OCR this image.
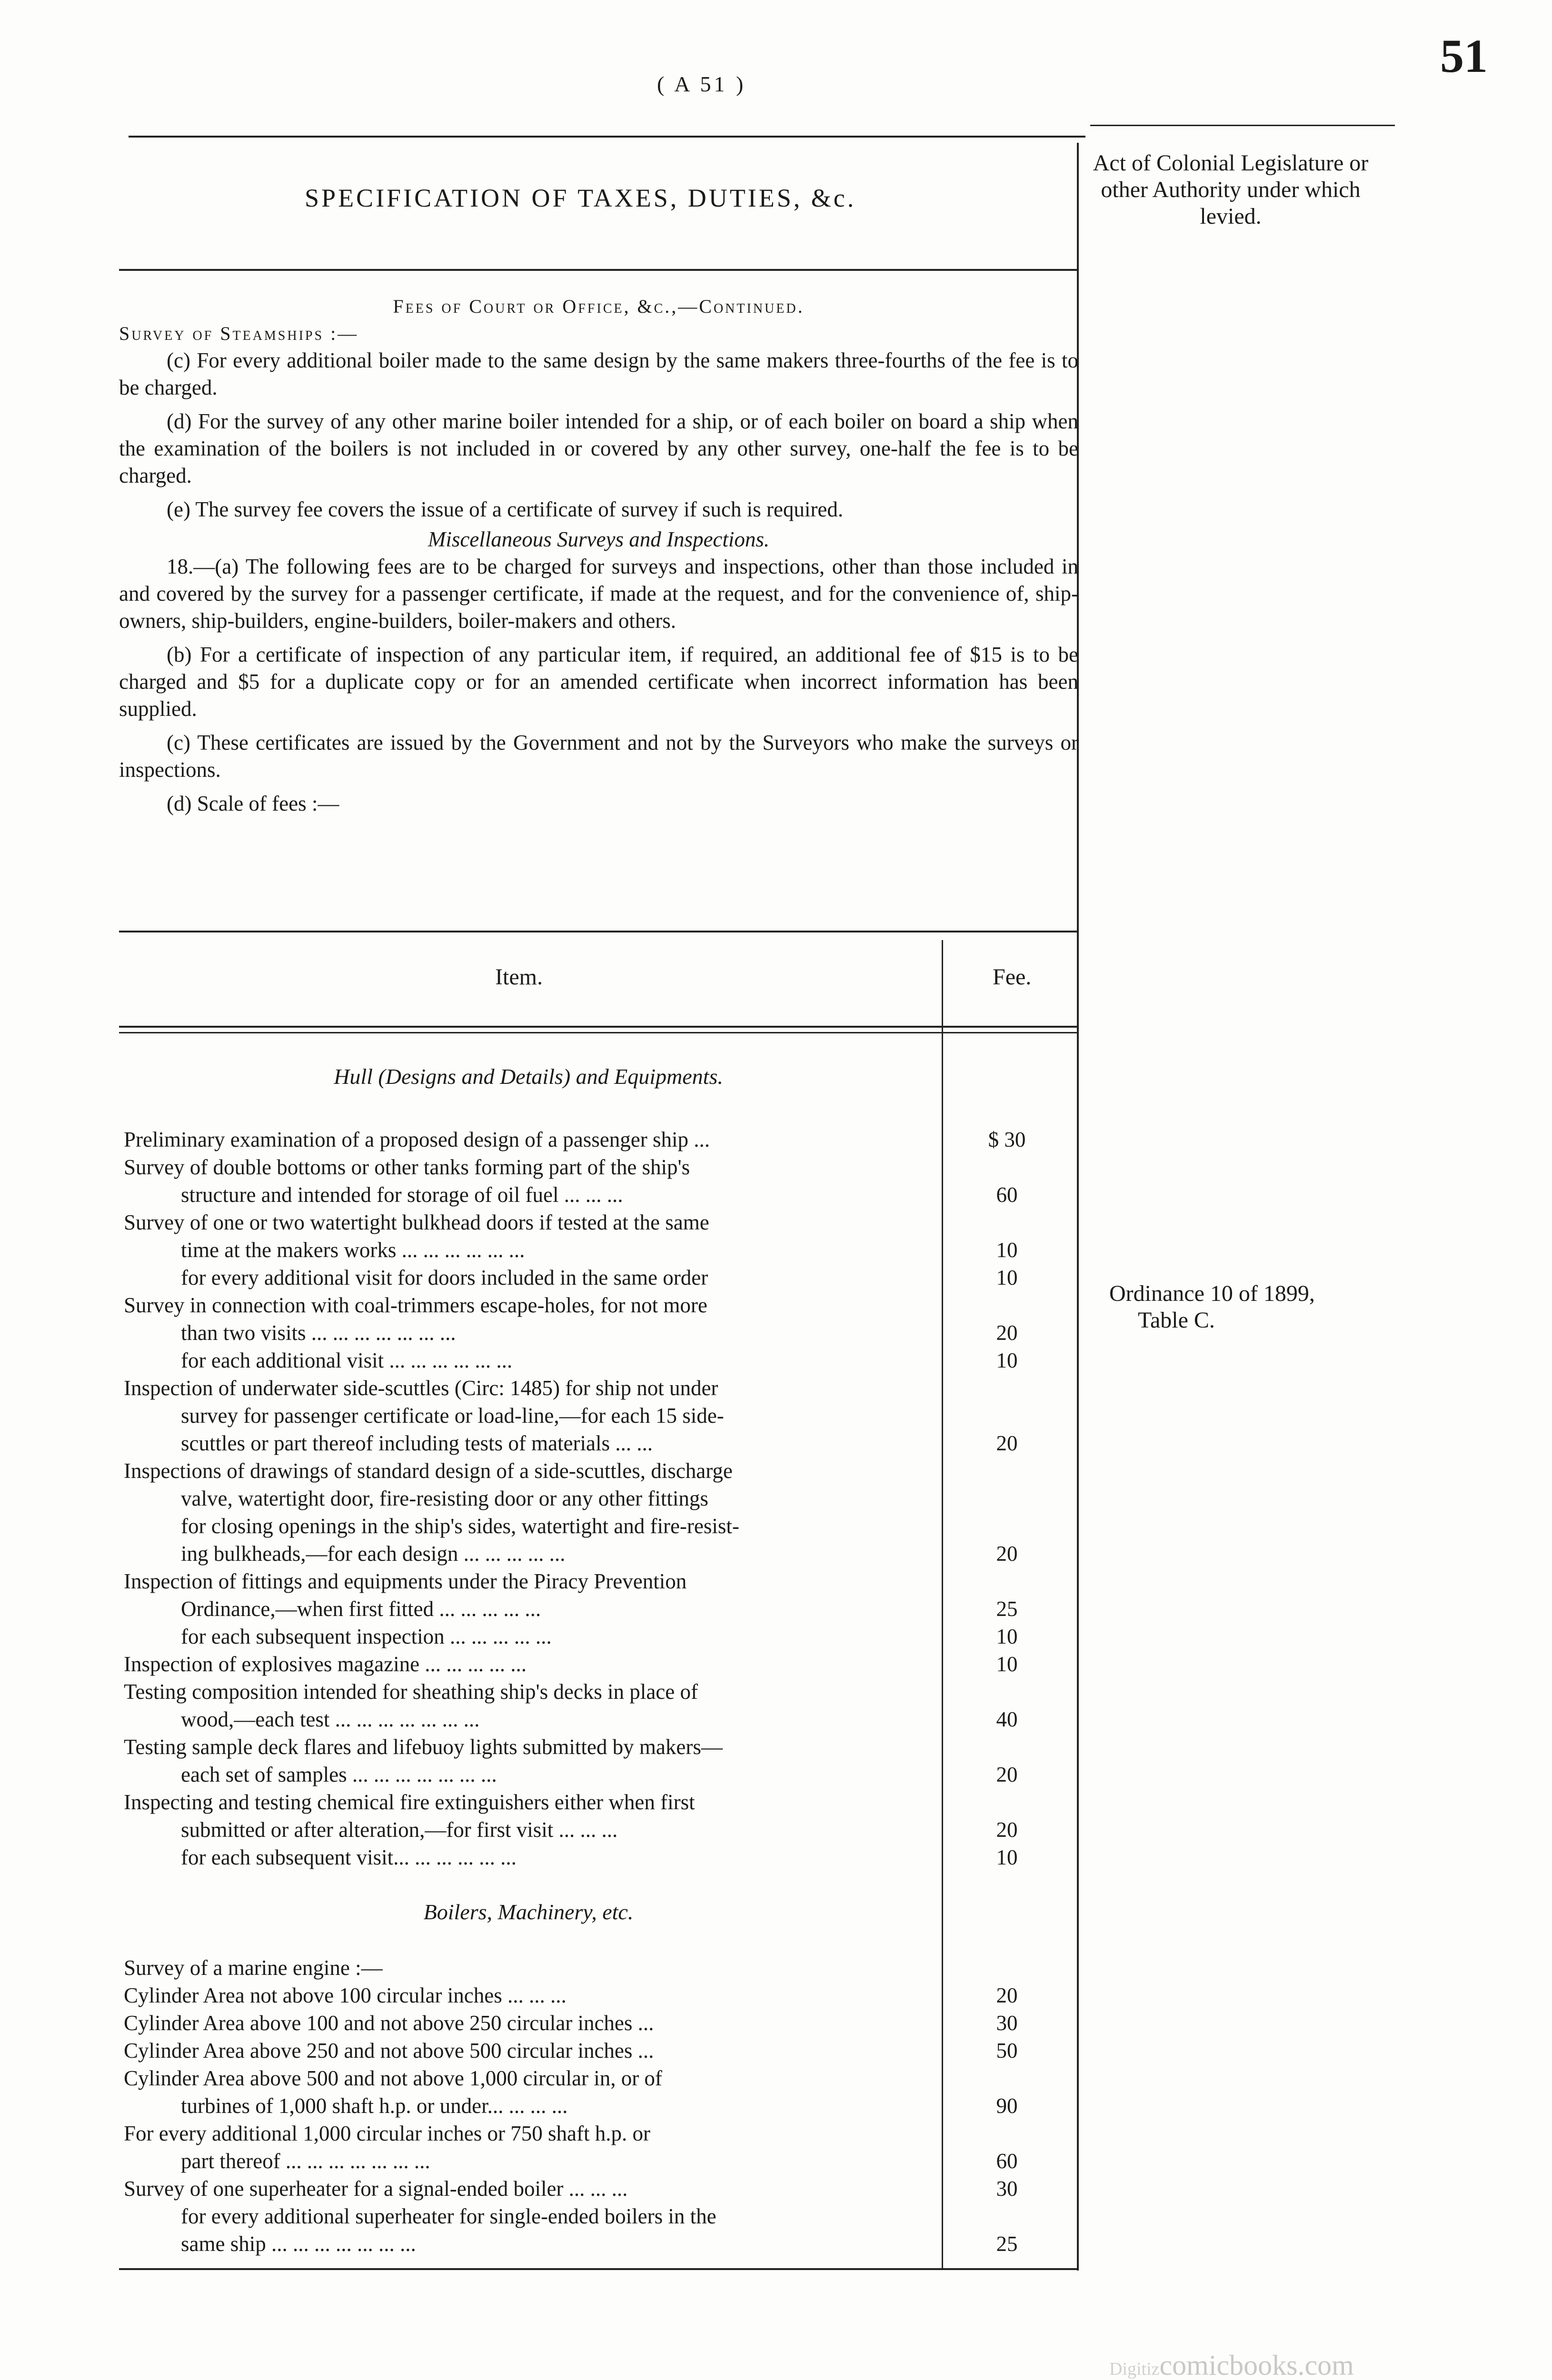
51
( A 51 )
SPECIFICATION OF TAXES, DUTIES, &c.
Act of Colonial Legislature or other Authority under which levied.
Fees of Court or Office, &c.,—Continued.
Survey of Steamships :—

(c) For every additional boiler made to the same design by the same makers three-fourths of the fee is to be charged.

(d) For the survey of any other marine boiler intended for a ship, or of each boiler on board a ship when the examination of the boilers is not included in or covered by any other survey, one-half the fee is to be charged.

(e) The survey fee covers the issue of a certificate of survey if such is required.

Miscellaneous Surveys and Inspections.

18.—(a) The following fees are to be charged for surveys and inspections, other than those included in and covered by the survey for a passenger certificate, if made at the request, and for the convenience of, ship-owners, ship-builders, engine-builders, boiler-makers and others.

(b) For a certificate of inspection of any particular item, if required, an additional fee of $15 is to be charged and $5 for a duplicate copy or for an amended certificate when incorrect information has been supplied.

(c) These certificates are issued by the Government and not by the Surveyors who make the surveys or inspections.

(d) Scale of fees :—

Item.	Fee.
Hull (Designs and Details) and Equipments.
Preliminary examination of a proposed design of a passenger ship ...	$ 30
Survey of double bottoms or other tanks forming part of the ship's
structure and intended for storage of oil fuel ... ... ...	60
Survey of one or two watertight bulkhead doors if tested at the same
time at the makers works ... ... ... ... ... ...	10
for every additional visit for doors included in the same order	10
Survey in connection with coal-trimmers escape-holes, for not more
than two visits ... ... ... ... ... ... ...	20
for each additional visit ... ... ... ... ... ...	10
Inspection of underwater side-scuttles (Circ: 1485) for ship not under
survey for passenger certificate or load-line,—for each 15 side-
scuttles or part thereof including tests of materials ... ...	20
Inspections of drawings of standard design of a side-scuttles, discharge
valve, watertight door, fire-resisting door or any other fittings
for closing openings in the ship's sides, watertight and fire-resist-
ing bulkheads,—for each design ... ... ... ... ...	20
Inspection of fittings and equipments under the Piracy Prevention
Ordinance,—when first fitted ... ... ... ... ...	25
for each subsequent inspection ... ... ... ... ...	10
Inspection of explosives magazine ... ... ... ... ...	10
Testing composition intended for sheathing ship's decks in place of
wood,—each test ... ... ... ... ... ... ...	40
Testing sample deck flares and lifebuoy lights submitted by makers—
each set of samples ... ... ... ... ... ... ...	20
Inspecting and testing chemical fire extinguishers either when first
submitted or after alteration,—for first visit ... ... ...	20
for each subsequent visit... ... ... ... ... ...	10
Boilers, Machinery, etc.
Survey of a marine engine :—
Cylinder Area not above 100 circular inches ... ... ...	20
Cylinder Area above 100 and not above 250 circular inches ...	30
Cylinder Area above 250 and not above 500 circular inches ...	50
Cylinder Area above 500 and not above 1,000 circular in, or of
turbines of 1,000 shaft h.p. or under... ... ... ...	90
For every additional 1,000 circular inches or 750 shaft h.p. or
part thereof ... ... ... ... ... ... ...	60
Survey of one superheater for a signal-ended boiler ... ... ...	30
for every additional superheater for single-ended boilers in the
same ship ... ... ... ... ... ... ...	25
Ordinance 10 of 1899,
Table C.
Digitizcomicbooks.com
